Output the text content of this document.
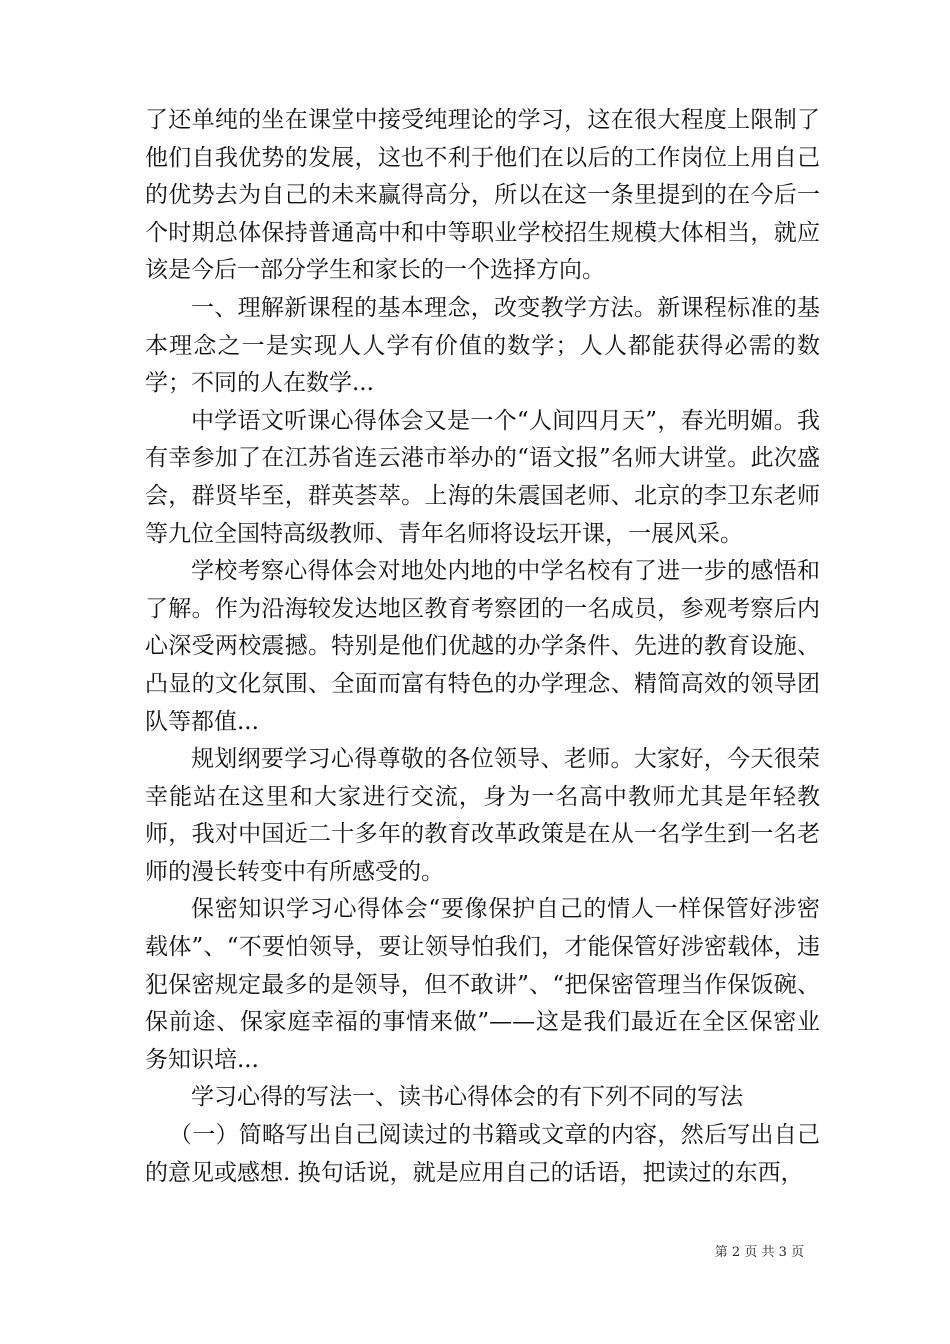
了还单纯的坐在课堂中接受纯理论的学习，这在很大程度上限制了他们自我优势的发展，这也不利于他们在以后的工作岗位上用自己的优势去为自己的未来赢得高分，所以在这一条里提到的在今后一个时期总体保持普通高中和中等职业学校招生规模大体相当，就应该是今后一部分学生和家长的一个选择方向。

一、理解新课程的基本理念，改变教学方法。新课程标准的基本理念之一是实现人人学有价值的数学；人人都能获得必需的数学；不同的人在数学...

中学语文听课心得体会又是一个“人间四月天”，春光明媚。我有幸参加了在江苏省连云港市举办的“语文报”名师大讲堂。此次盛会，群贤毕至，群英荟萃。上海的朱震国老师、北京的李卫东老师等九位全国特高级教师、青年名师将设坛开课，一展风采。

学校考察心得体会对地处内地的中学名校有了进一步的感悟和了解。作为沿海较发达地区教育考察团的一名成员，参观考察后内心深受两校震撼。特别是他们优越的办学条件、先进的教育设施、凸显的文化氛围、全面而富有特色的办学理念、精简高效的领导团队等都值...

规划纲要学习心得尊敬的各位领导、老师。大家好，今天很荣幸能站在这里和大家进行交流，身为一名高中教师尤其是年轻教师，我对中国近二十多年的教育改革政策是在从一名学生到一名老师的漫长转变中有所感受的。

保密知识学习心得体会“要像保护自己的情人一样保管好涉密载体”、“不要怕领导，要让领导怕我们，才能保管好涉密载体，违犯保密规定最多的是领导，但不敢讲”、“把保密管理当作保饭碗、保前途、保家庭幸福的事情来做”——这是我们最近在全区保密业务知识培...

学习心得的写法一、读书心得体会的有下列不同的写法

（一）简略写出自己阅读过的书籍或文章的内容，然后写出自己的意见或感想. 换句话说，就是应用自己的话语，把读过的东西，

第 2 页 共 3 页
